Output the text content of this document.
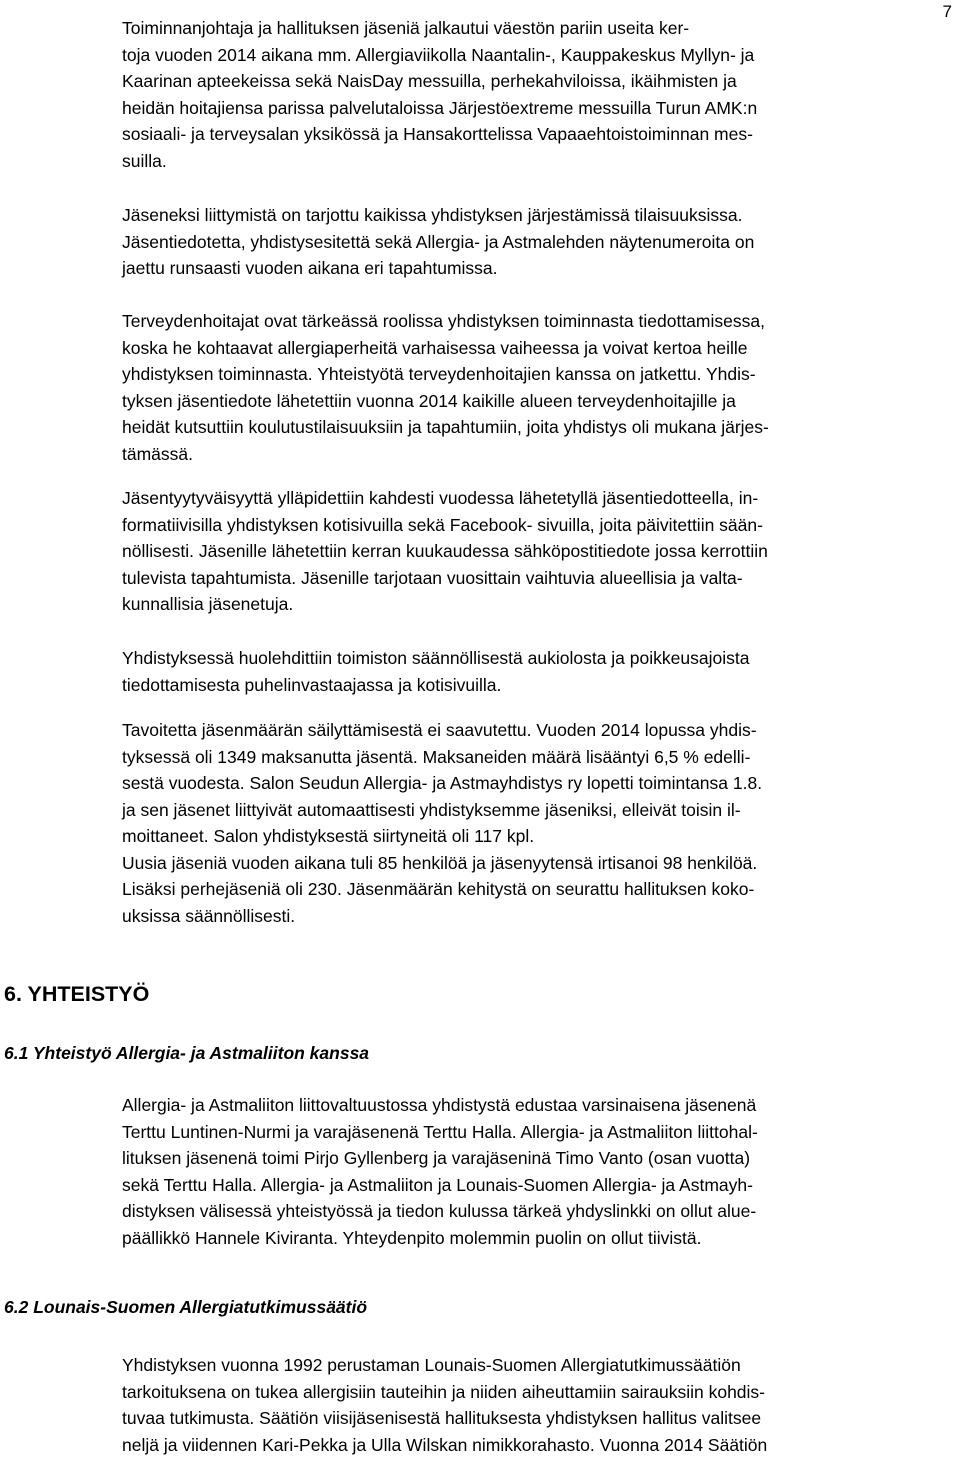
7

Toiminnanjohtaja ja hallituksen jäseniä jalkautui väestön pariin useita ker-
toja vuoden 2014 aikana mm. Allergiaviikolla Naantalin-, Kauppakeskus Myllyn- ja
Kaarinan apteekeissa sekä NaisDay messuilla, perhekahviloissa, ikäihmisten ja
heidän hoitajiensa parissa palvelutaloissa Järjestöextreme messuilla Turun AMK:n
sosiaali- ja terveysalan yksikössä ja Hansakorttelissa Vapaaehtoistoiminnan mes-
suilla.

Jäseneksi liittymistä on tarjottu kaikissa yhdistyksen järjestämissä tilaisuuksissa.
Jäsentiedotetta, yhdistysesitettä sekä Allergia- ja Astmalehden näytenumeroita on
jaettu runsaasti vuoden aikana eri tapahtumissa.

Terveydenhoitajat ovat tärkeässä roolissa yhdistyksen toiminnasta tiedottamisessa,
koska he kohtaavat allergiaperheitä varhaisessa vaiheessa ja voivat kertoa heille
yhdistyksen toiminnasta. Yhteistyötä terveydenhoitajien kanssa on jatkettu. Yhdis-
tyksen jäsentiedote lähetettiin vuonna 2014 kaikille alueen terveydenhoitajille ja
heidät kutsuttiin koulutustilaisuuksiin ja tapahtumiin, joita yhdistys oli mukana järjes-
tämässä.

Jäsentyytyväisyyttä ylläpidettiin kahdesti vuodessa lähetetyllä jäsentiedotteella, in-
formatiivisilla yhdistyksen kotisivuilla sekä Facebook- sivuilla, joita päivitettiin sään-
nöllisesti. Jäsenille lähetettiin kerran kuukaudessa sähköpostitiedote jossa kerrottiin
tulevista tapahtumista. Jäsenille tarjotaan vuosittain vaihtuvia alueellisia ja valta-
kunnallisia jäsenetuja.

Yhdistyksessä huolehdittiin toimiston säännöllisestä aukiolosta ja poikkeusajoista
tiedottamisesta puhelinvastaajassa ja kotisivuilla.

Tavoitetta jäsenmäärän säilyttämisestä ei saavutettu. Vuoden 2014 lopussa yhdis-
tyksessä oli 1349 maksanutta jäsentä. Maksaneiden määrä lisääntyi 6,5 % edelli-
sestä vuodesta. Salon Seudun Allergia- ja Astmayhdistys ry lopetti toimintansa 1.8.
ja sen jäsenet liittyivät automaattisesti yhdistyksemme jäseniksi, elleivät toisin il-
moittaneet. Salon yhdistyksestä siirtyneitä oli 117 kpl.
Uusia jäseniä vuoden aikana tuli 85 henkilöä ja jäsenyytensä irtisanoi 98 henkilöä.
Lisäksi perhejäseniä oli 230. Jäsenmäärän kehitystä on seurattu hallituksen koko-
uksissa säännöllisesti.

6. YHTEISTYÖ
6.1 Yhteistyö Allergia- ja Astmaliiton kanssa

Allergia- ja Astmaliiton liittovaltuustossa yhdistystä edustaa varsinaisena jäsenenä
Terttu Luntinen-Nurmi ja varajäsenenä Terttu Halla. Allergia- ja Astmaliiton liittohal-
lituksen jäsenenä toimi Pirjo Gyllenberg ja varajäseninä Timo Vanto (osan vuotta)
sekä Terttu Halla. Allergia- ja Astmaliiton ja Lounais-Suomen Allergia- ja Astmayh-
distyksen välisessä yhteistyössä ja tiedon kulussa tärkeä yhdyslinkki on ollut alue-
päällikkö Hannele Kiviranta. Yhteydenpito molemmin puolin on ollut tiivistä.

6.2 Lounais-Suomen Allergiatutkimussäätiö

Yhdistyksen vuonna 1992 perustaman Lounais-Suomen Allergiatutkimussäätiön
tarkoituksena on tukea allergisiin tauteihin ja niiden aiheuttamiin sairauksiin kohdis-
tuvaa tutkimusta. Säätiön viisijäsenisestä hallituksesta yhdistyksen hallitus valitsee
neljä ja viidennen Kari-Pekka ja Ulla Wilskan nimikkorahasto. Vuonna 2014 Säätiön
